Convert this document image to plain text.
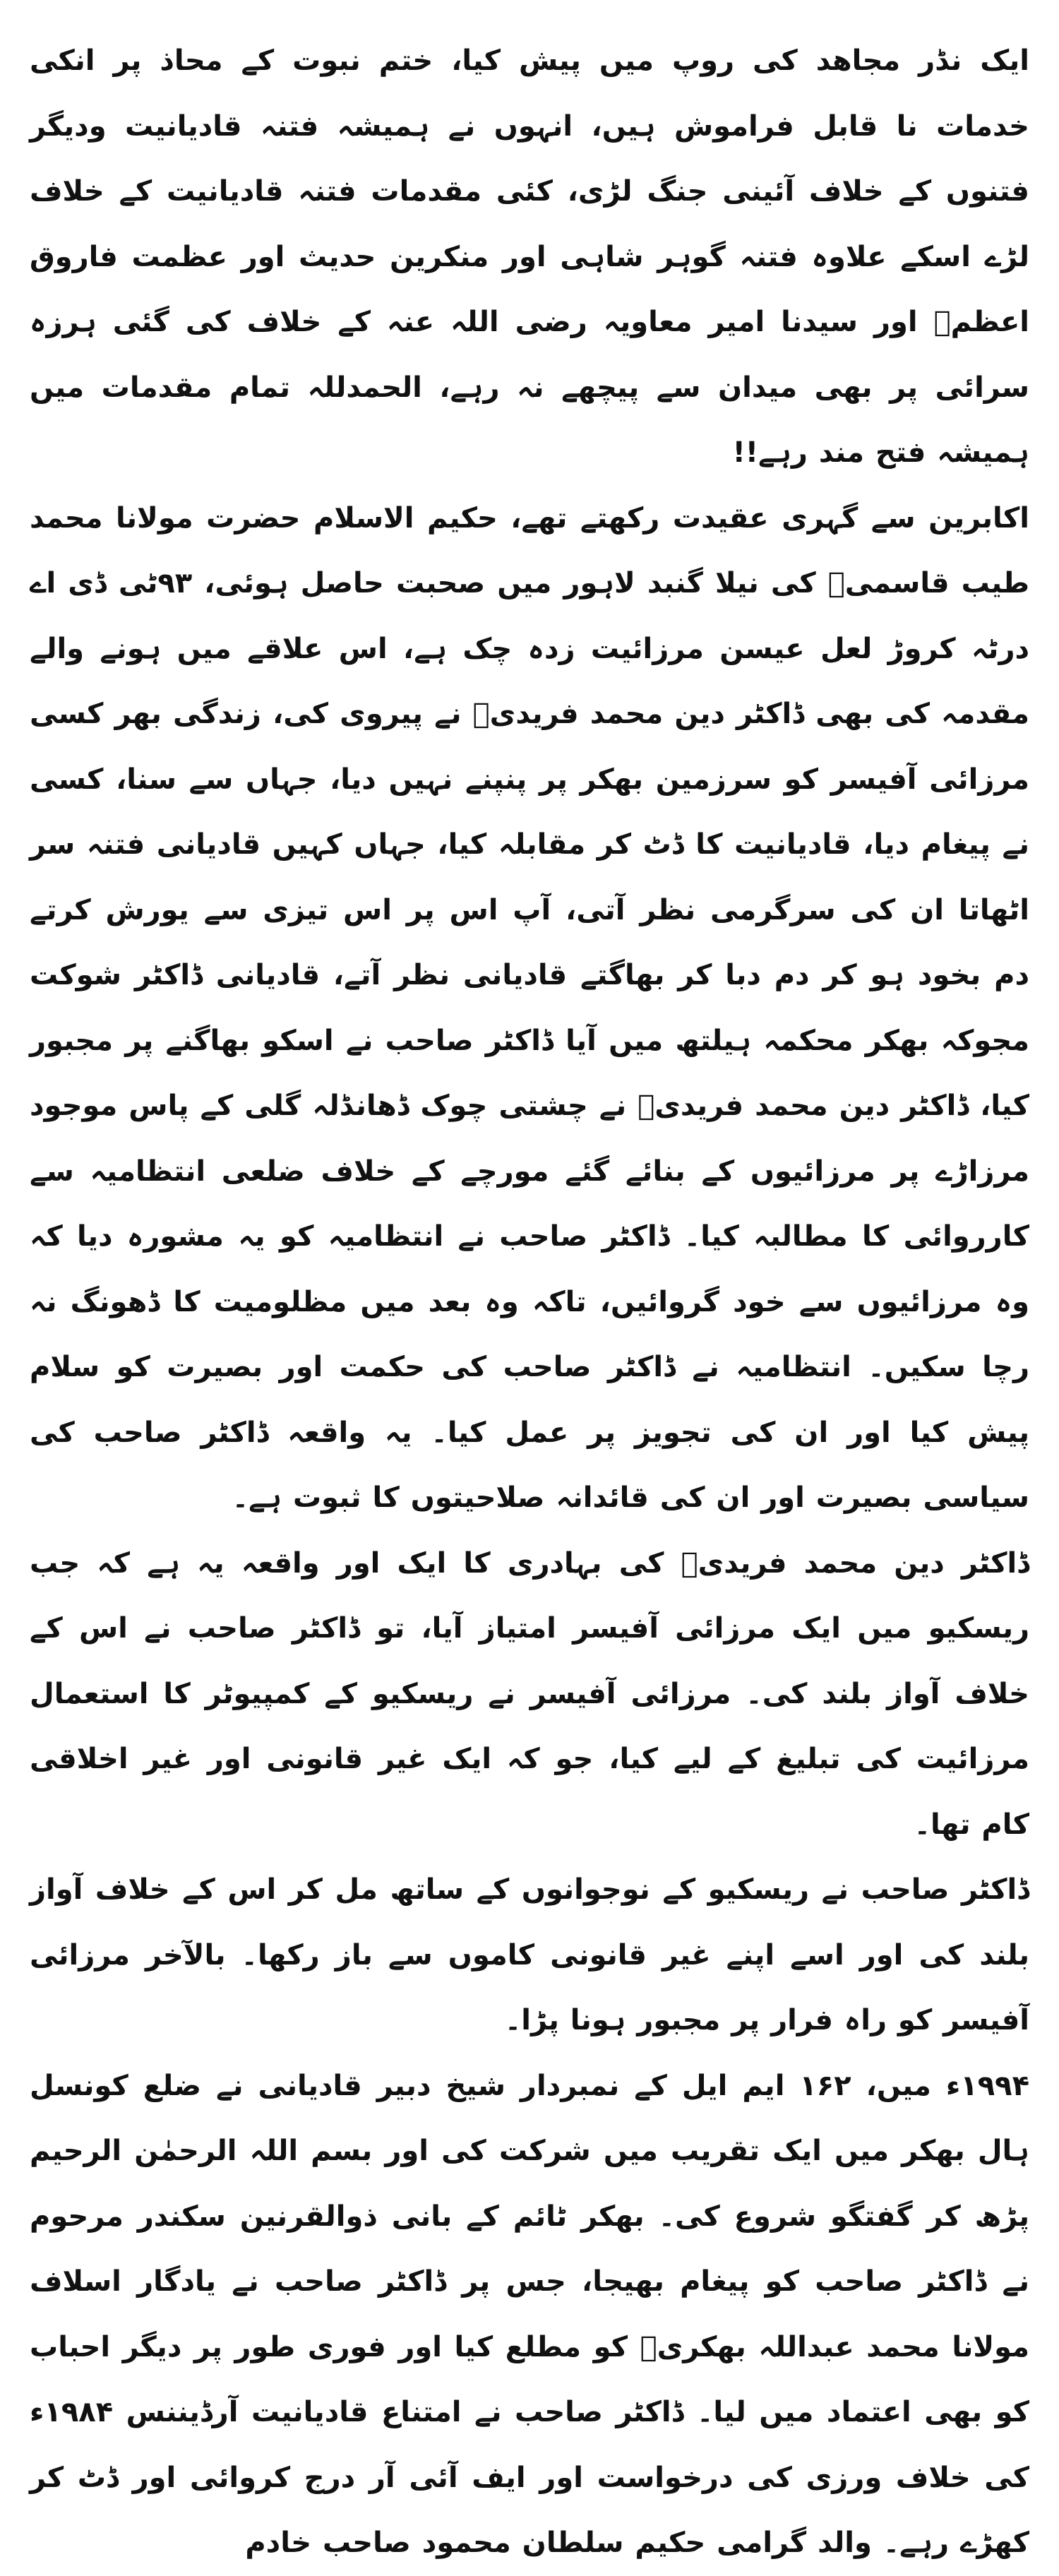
ایک نڈر مجاھد کی روپ میں پیش کیا، ختم نبوت کے محاذ پر انکی خدمات نا قابل فراموش ہیں، انہوں نے ہمیشہ فتنہ قادیانیت ودیگر فتنوں کے خلاف آئینی جنگ لڑی، کئی مقدمات فتنہ قادیانیت کے خلاف لڑے اسکے علاوہ فتنہ گوہر شاہی اور منکرین حدیث اور عظمت فاروق اعظمؓ اور سیدنا امیر معاویہ رضی اللہ عنہ کے خلاف کی گئی ہرزہ سرائی پر بھی میدان سے پیچھے نہ رہے، الحمدللہ تمام مقدمات میں ہمیشہ فتح مند رہے!!

اکابرین سے گہری عقیدت رکھتے تھے، حکیم الاسلام حضرت مولانا محمد طیب قاسمیؒ کی نیلا گنبد لاہور میں صحبت حاصل ہوئی، ۹۳ٹی ڈی اے درٹہ کروڑ لعل عیسن مرزائیت زدہ چک ہے، اس علاقے میں ہونے والے مقدمہ کی بھی ڈاکٹر دین محمد فریدیؒ نے پیروی کی، زندگی بھر کسی مرزائی آفیسر کو سرزمین بھکر پر پنپنے نہیں دیا، جہاں سے سنا، کسی نے پیغام دیا، قادیانیت کا ڈٹ کر مقابلہ کیا، جہاں کہیں قادیانی فتنہ سر اٹھاتا ان کی سرگرمی نظر آتی، آپ اس پر اس تیزی سے یورش کرتے دم بخود ہو کر دم دبا کر بھاگتے قادیانی نظر آتے، قادیانی ڈاکٹر شوکت مجوکہ بھکر محکمہ ہیلتھ میں آیا ڈاکٹر صاحب نے اسکو بھاگنے پر مجبور کیا، ڈاکٹر دین محمد فریدیؒ نے چشتی چوک ڈھانڈلہ گلی کے پاس موجود مرزاڑے پر مرزائیوں کے بنائے گئے مورچے کے خلاف ضلعی انتظامیہ سے کارروائی کا مطالبہ کیا۔ ڈاکٹر صاحب نے انتظامیہ کو یہ مشورہ دیا کہ وہ مرزائیوں سے خود گروائیں، تاکہ وہ بعد میں مظلومیت کا ڈھونگ نہ رچا سکیں۔ انتظامیہ نے ڈاکٹر صاحب کی حکمت اور بصیرت کو سلام پیش کیا اور ان کی تجویز پر عمل کیا۔ یہ واقعہ ڈاکٹر صاحب کی سیاسی بصیرت اور ان کی قائدانہ صلاحیتوں کا ثبوت ہے۔

ڈاکٹر دین محمد فریدیؒ کی بہادری کا ایک اور واقعہ یہ ہے کہ جب ریسکیو میں ایک مرزائی آفیسر امتیاز آیا، تو ڈاکٹر صاحب نے اس کے خلاف آواز بلند کی۔ مرزائی آفیسر نے ریسکیو کے کمپیوٹر کا استعمال مرزائیت کی تبلیغ کے لیے کیا، جو کہ ایک غیر قانونی اور غیر اخلاقی کام تھا۔

ڈاکٹر صاحب نے ریسکیو کے نوجوانوں کے ساتھ مل کر اس کے خلاف آواز بلند کی اور اسے اپنے غیر قانونی کاموں سے باز رکھا۔ بالآخر مرزائی آفیسر کو راہ فرار پر مجبور ہونا پڑا۔

۱۹۹۴ء میں، ۱۶۲ ایم ایل کے نمبردار شیخ دبیر قادیانی نے ضلع کونسل ہال بھکر میں ایک تقریب میں شرکت کی اور بسم اللہ الرحمٰن الرحیم پڑھ کر گفتگو شروع کی۔ بھکر ٹائم کے بانی ذوالقرنین سکندر مرحوم نے ڈاکٹر صاحب کو پیغام بھیجا، جس پر ڈاکٹر صاحب نے یادگار اسلاف مولانا محمد عبداللہ بھکریؒ کو مطلع کیا اور فوری طور پر دیگر احباب کو بھی اعتماد میں لیا۔ ڈاکٹر صاحب نے امتناع قادیانیت آرڈیننس ۱۹۸۴ء کی خلاف ورزی کی درخواست اور ایف آئی آر درج کروائی اور ڈٹ کر کھڑے رہے۔ والد گرامی حکیم سلطان محمود صاحب خادم
